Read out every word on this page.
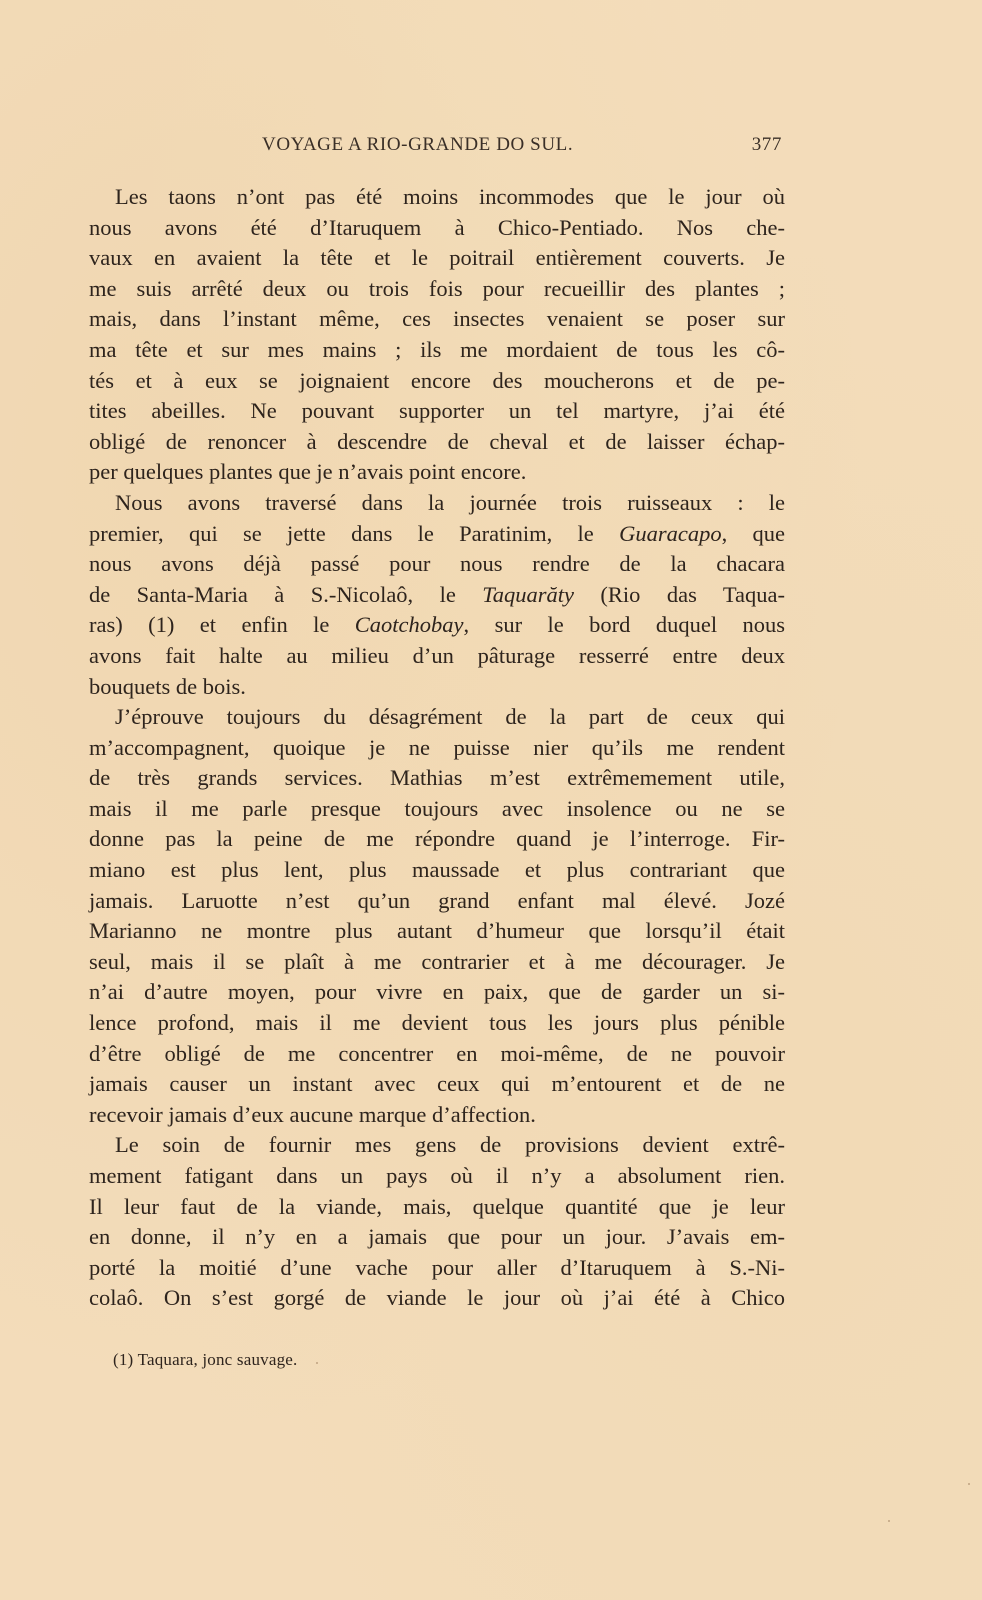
VOYAGE A RIO-GRANDE DO SUL.	377
Les taons n’ont pas été moins incommodes que le jour où
nous avons été d’Itaruquem à Chico-Pentiado. Nos che-
vaux en avaient la tête et le poitrail entièrement couverts. Je
me suis arrêté deux ou trois fois pour recueillir des plantes ;
mais, dans l’instant même, ces insectes venaient se poser sur
ma tête et sur mes mains ; ils me mordaient de tous les cô-
tés et à eux se joignaient encore des moucherons et de pe-
tites abeilles. Ne pouvant supporter un tel martyre, j’ai été
obligé de renoncer à descendre de cheval et de laisser échap-
per quelques plantes que je n’avais point encore.
Nous avons traversé dans la journée trois ruisseaux : le
premier, qui se jette dans le Paratinim, le Guaracapo, que
nous avons déjà passé pour nous rendre de la chacara
de Santa-Maria à S.-Nicolaô, le Taquarăty (Rio das Taqua-
ras) (1) et enfin le Caotchobay, sur le bord duquel nous
avons fait halte au milieu d’un pâturage resserré entre deux
bouquets de bois.
J’éprouve toujours du désagrément de la part de ceux qui
m’accompagnent, quoique je ne puisse nier qu’ils me rendent
de très grands services. Mathias m’est extrêmemement utile,
mais il me parle presque toujours avec insolence ou ne se
donne pas la peine de me répondre quand je l’interroge. Fir-
miano est plus lent, plus maussade et plus contrariant que
jamais. Laruotte n’est qu’un grand enfant mal élevé. Jozé
Marianno ne montre plus autant d’humeur que lorsqu’il était
seul, mais il se plaît à me contrarier et à me décourager. Je
n’ai d’autre moyen, pour vivre en paix, que de garder un si-
lence profond, mais il me devient tous les jours plus pénible
d’être obligé de me concentrer en moi-même, de ne pouvoir
jamais causer un instant avec ceux qui m’entourent et de ne
recevoir jamais d’eux aucune marque d’affection.
Le soin de fournir mes gens de provisions devient extrê-
mement fatigant dans un pays où il n’y a absolument rien.
Il leur faut de la viande, mais, quelque quantité que je leur
en donne, il n’y en a jamais que pour un jour. J’avais em-
porté la moitié d’une vache pour aller d’Itaruquem à S.-Ni-
colaô. On s’est gorgé de viande le jour où j’ai été à Chico
(1) Taquara, jonc sauvage.
